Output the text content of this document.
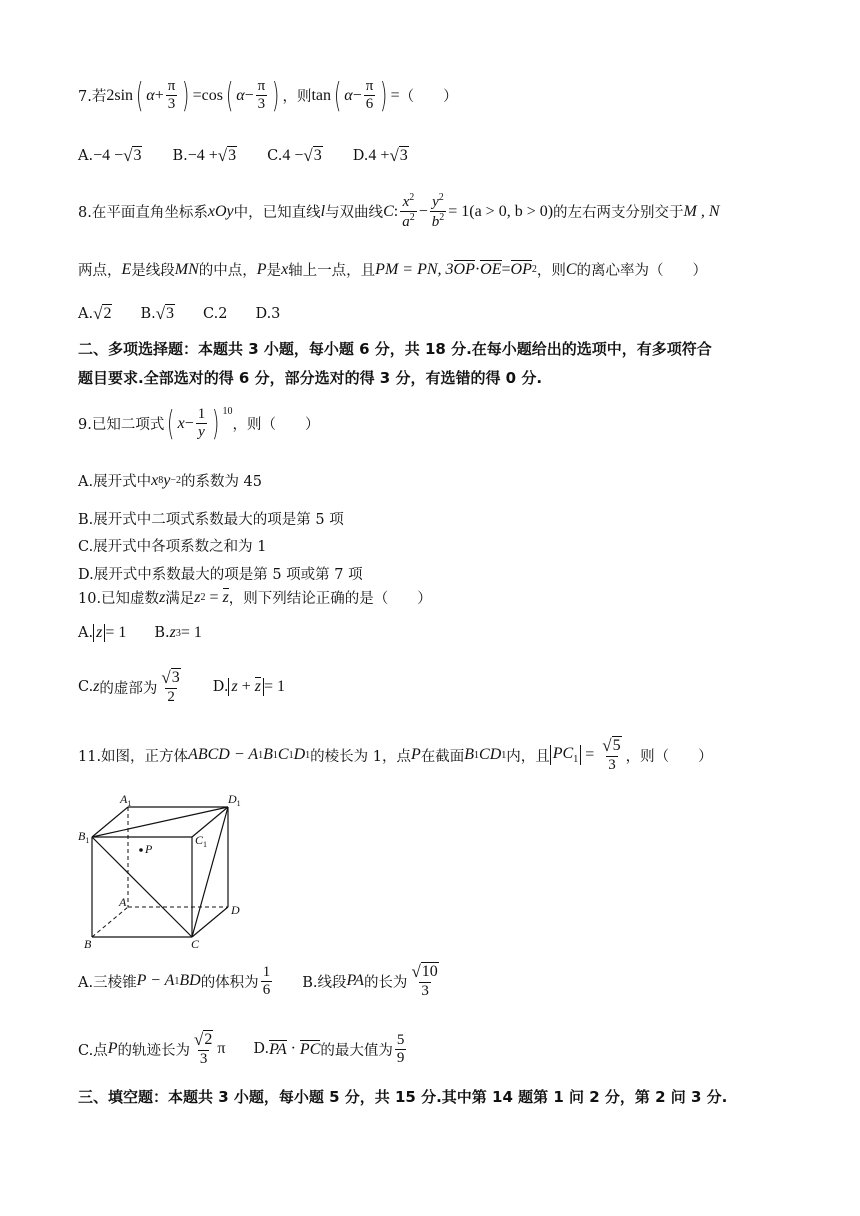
7.若 2sin ( $\alpha + \frac{\pi}{3}$ ) = cos ( $\alpha - \frac{\pi}{3}$ ) ，则 tan ( $\alpha - \frac{\pi}{6}$ ) = （　　）
A. −4 − √ 3 B. −4 + √ 3 C. 4 − √ 3 D. 4 + √ 3
8.在平面直角坐标系 xOy 中，已知直线 l 与双曲线 C : $\frac{x^2}{a^2} - \frac{y^2}{b^2} = 1(a > 0$, b > 0) 的左右两支分别交于 M , N
两点， E 是线段 MN 的中点， P 是 x 轴上一点，且 PM = PN, 3 OP · OE = OP 2 ，则 C 的离心率为（　　）
A. √ 2 B. √ 3 C.2 D.3
二、多项选择题：本题共 3 小题，每小题 6 分，共 18 分.在每小题给出的选项中，有多项符合
题目要求.全部选对的得 6 分，部分选对的得 3 分，有选错的得 0 分.
9.已知二项式 ( $x - \frac{1}{y}$ ) $^{10}$
，则（　　）
A.展开式中 x 8 y −2 的系数为 45
B.展开式中二项式系数最大的项是第 5 项
C.展开式中各项系数之和为 1
D.展开式中系数最大的项是第 5 项或第 7 项
10.已知虚数 z 满足 z 2 = z ，则下列结论正确的是（　　）
A. z = 1 B. z 3 = 1
C. z 的虚部为 $\frac{√ 3}{2} D$. z + z = 1
11.如图，正方体 ABCD − A 1 B 1 C 1 D 1 的棱长为 1，点 P 在截面 B 1 CD 1 内，且 $PC_1 = \frac{√ 5}{3}$ ，则（　　）
$A_1$	$D_1$
$B_1$	$C_1$
P
A
D
B	C
A.三棱锥 P − A 1 BD 的体积为 $\frac{1}{6} B$.线段 PA 的长为 $\frac{√ 10}{3}$
C.点 P 的轨迹长为 $\frac{√ 2}{3}$ π D. PA · PC 的最大值为 $\frac{5}{9}$
三、填空题：本题共 3 小题，每小题 5 分，共 15 分.其中第 14 题第 1 问 2 分，第 2 问 3 分.
